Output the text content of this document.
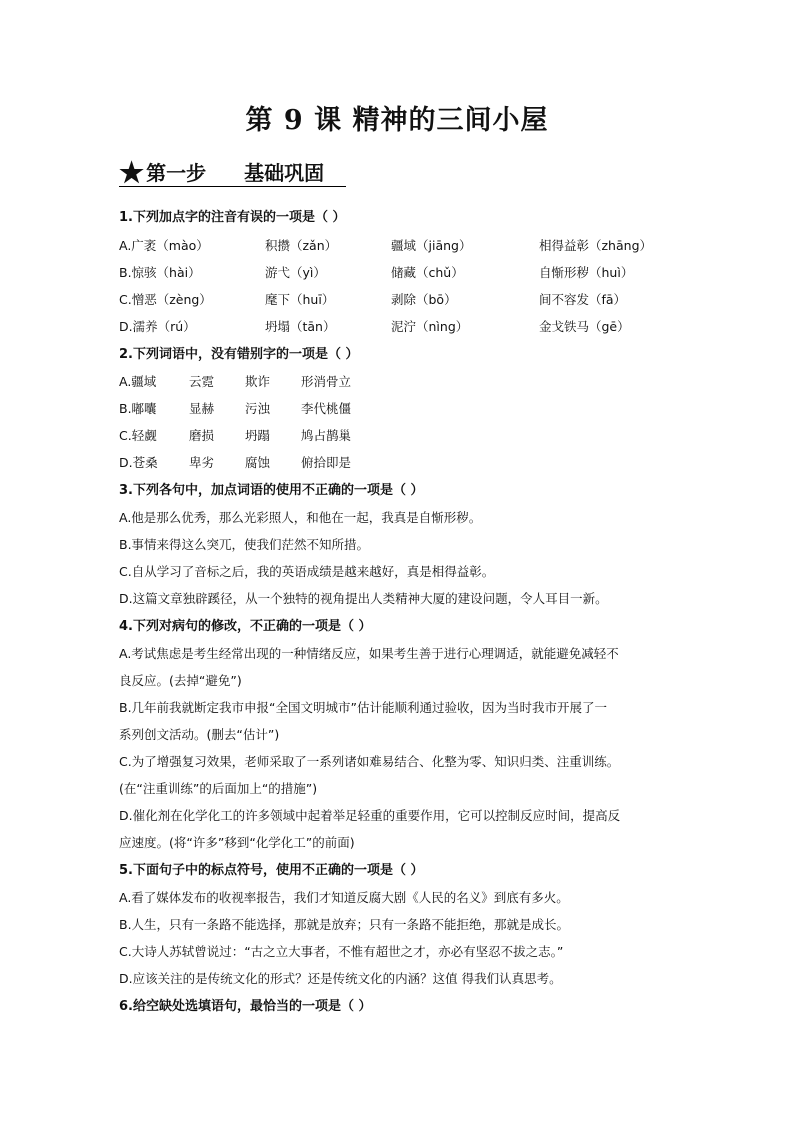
第 9 课 精神的三间小屋
★ 第一步 基础巩固
1.下列加点字的注音有误的一项是（ ）
A.广袤（mào）	积攒（zǎn）	疆域（jiāng）	相得益彰（zhāng）
B.惊骇（hài）	游弋（yì）	储藏（chǔ）	自惭形秽（huì）
C.憎恶（zèng）	麾下（huī）	剥除（bō）	间不容发（fā）
D.濡养（rú）	坍塌（tān）	泥泞（nìng）	金戈铁马（gē）
2.下列词语中，没有错别字的一项是（ ）
A.疆域	云霓 欺诈 形消骨立
B.嘟囔	显赫 污浊 李代桃僵
C.轻觑	磨损 坍蹋 鸠占鹊巢
D.苍桑	卑劣 腐蚀 俯拾即是
3.下列各句中，加点词语的使用不正确的一项是（ ）
A.他是那么优秀，那么光彩照人，和他在一起，我真是自惭形秽。
B.事情来得这么突兀，使我们茫然不知所措。
C.自从学习了音标之后，我的英语成绩是越来越好，真是相得益彰。
D.这篇文章独辟蹊径，从一个独特的视角提出人类精神大厦的建设问题，令人耳目一新。
4.下列对病句的修改，不正确的一项是（ ）
A.考试焦虑是考生经常出现的一种情绪反应，如果考生善于进行心理调适，就能避免减轻不
良反应。(去掉“避免”)
B.几年前我就断定我市申报“全国文明城市”估计能顺利通过验收，因为当时我市开展了一
系列创文活动。(删去“估计”)
C.为了增强复习效果，老师采取了一系列诸如难易结合、化整为零、知识归类、注重训练。
(在“注重训练”的后面加上“的措施”)
D.催化剂在化学化工的许多领域中起着举足轻重的重要作用，它可以控制反应时间，提高反
应速度。(将“许多”移到“化学化工”的前面)
5.下面句子中的标点符号，使用不正确的一项是（ ）
A.看了媒体发布的收视率报告，我们才知道反腐大剧《人民的名义》到底有多火。
B.人生，只有一条路不能选择，那就是放弃；只有一条路不能拒绝，那就是成长。
C.大诗人苏轼曾说过：“古之立大事者，不惟有超世之才，亦必有坚忍不拔之志。”
D.应该关注的是传统文化的形式？还是传统文化的内涵？这值 得我们认真思考。
6.给空缺处选填语句，最恰当的一项是（ ）
